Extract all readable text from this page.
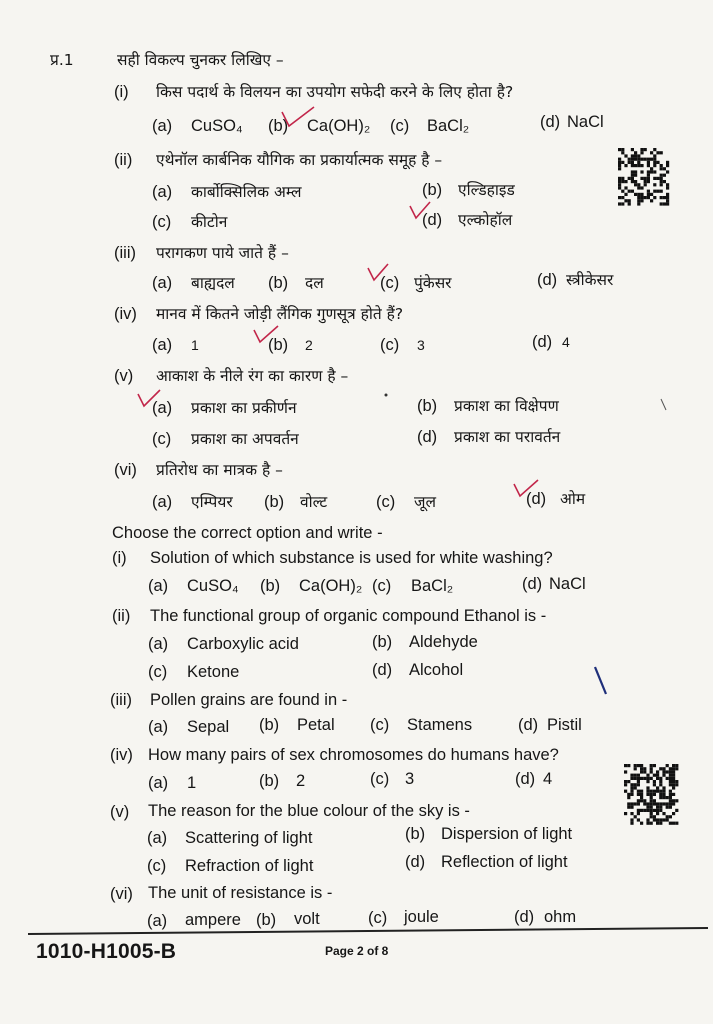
प्र.1	सही विकल्प चुनकर लिखिए –
(i) किस पदार्थ के विलयन का उपयोग सफेदी करने के लिए होता है?
(a) CuSO₄ (b) Ca(OH)₂ (c) BaCl₂	(d) NaCl
(ii) एथेनॉल कार्बनिक यौगिक का प्रकार्यात्मक समूह है –
(a) कार्बोक्सिलिक अम्ल	(b) एल्डिहाइड
(c) कीटोन	(d) एल्कोहॉल
(iii) परागकण पाये जाते हैं –
(a) बाह्यदल (b) दल	(c) पुंकेसर	(d) स्त्रीकेसर
(iv) मानव में कितने जोड़ी लैंगिक गुणसूत्र होते हैं?
(a) 1	(b) 2	(c) 3	(d) 4
(v) आकाश के नीले रंग का कारण है –
(a) प्रकाश का प्रकीर्णन	(b) प्रकाश का विक्षेपण
(c) प्रकाश का अपवर्तन	(d) प्रकाश का परावर्तन
(vi) प्रतिरोध का मात्रक है –
(a) एम्पियर (b) वोल्ट	(c) जूल	(d) ओम
Choose the correct option and write -
(i) Solution of which substance is used for white washing?
(a) CuSO₄ (b) Ca(OH)₂ (c) BaCl₂	(d) NaCl
(ii) The functional group of organic compound Ethanol is -
(a) Carboxylic acid	(b) Aldehyde
(c) Ketone	(d) Alcohol
(iii) Pollen grains are found in -
(a) Sepal (b) Petal (c) Stamens	(d) Pistil
(iv) How many pairs of sex chromosomes do humans have?
(a) 1	(b) 2	(c) 3	(d) 4
(v) The reason for the blue colour of the sky is -
(a) Scattering of light	(b) Dispersion of light
(c) Refraction of light	(d) Reflection of light
(vi) The unit of resistance is -
(a) ampere (b) volt	(c) joule	(d) ohm
1010-H1005-B	Page 2 of 8
